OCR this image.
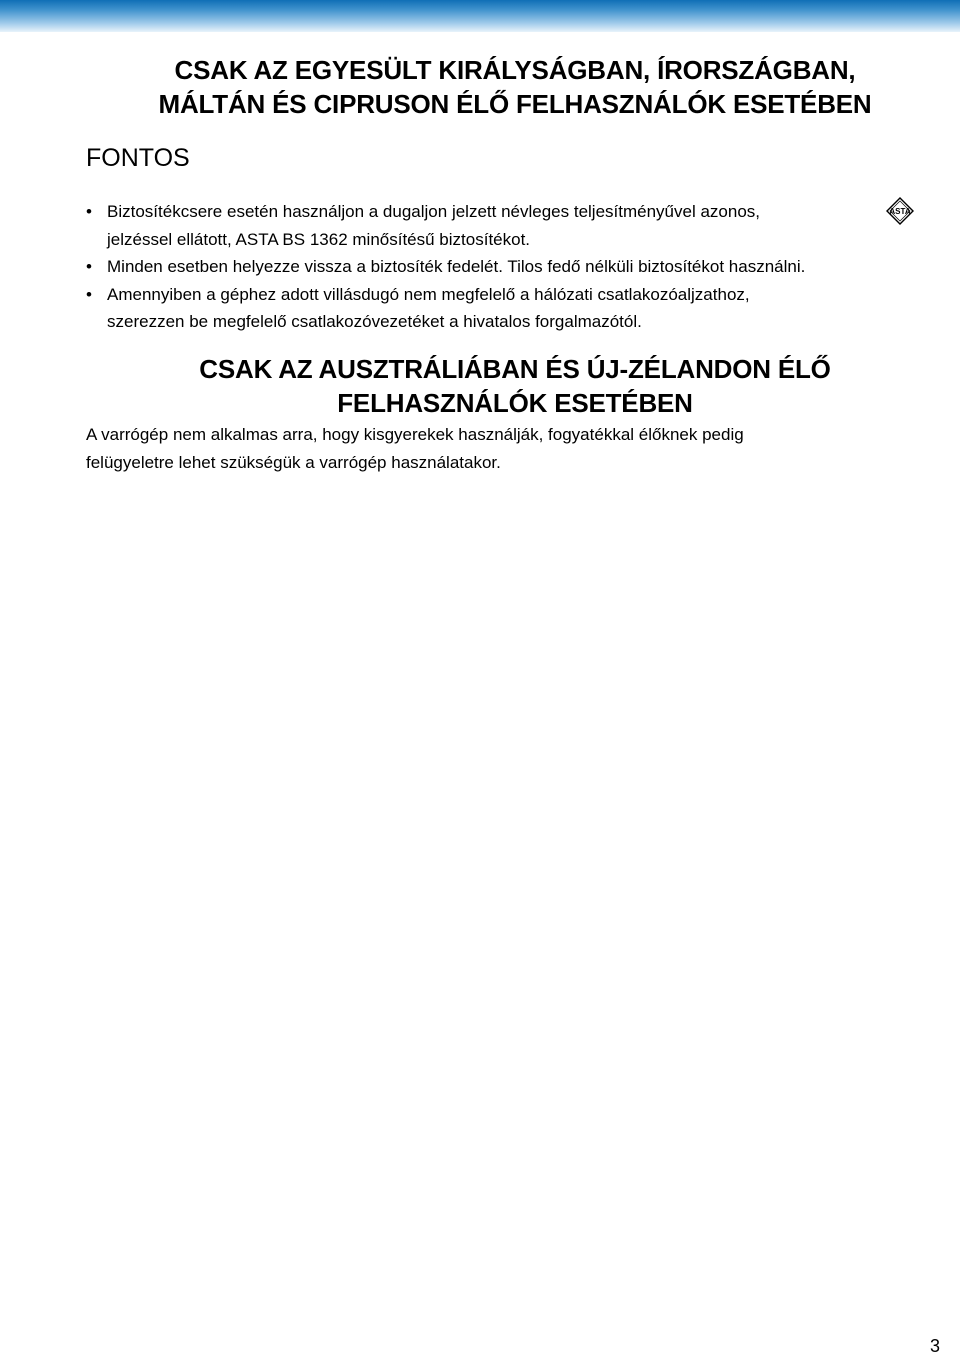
CSAK AZ EGYESÜLT KIRÁLYSÁGBAN, ÍRORSZÁGBAN,
MÁLTÁN ÉS CIPRUSON ÉLŐ FELHASZNÁLÓK ESETÉBEN
FONTOS
• Biztosítékcsere esetén használjon a dugaljon jelzett névleges teljesítményűvel azonos,
jelzéssel ellátott, ASTA BS 1362 minősítésű biztosítékot.
• Minden esetben helyezze vissza a biztosíték fedelét. Tilos fedő nélküli biztosítékot használni.
• Amennyiben a géphez adott villásdugó nem megfelelő a hálózati csatlakozóaljzathoz,
szerezzen be megfelelő csatlakozóvezetéket a hivatalos forgalmazótól.
ASTA
CSAK AZ AUSZTRÁLIÁBAN ÉS ÚJ-ZÉLANDON ÉLŐ
FELHASZNÁLÓK ESETÉBEN

A varrógép nem alkalmas arra, hogy kisgyerekek használják, fogyatékkal élőknek pedig
felügyeletre lehet szükségük a varrógép használatakor.

3
